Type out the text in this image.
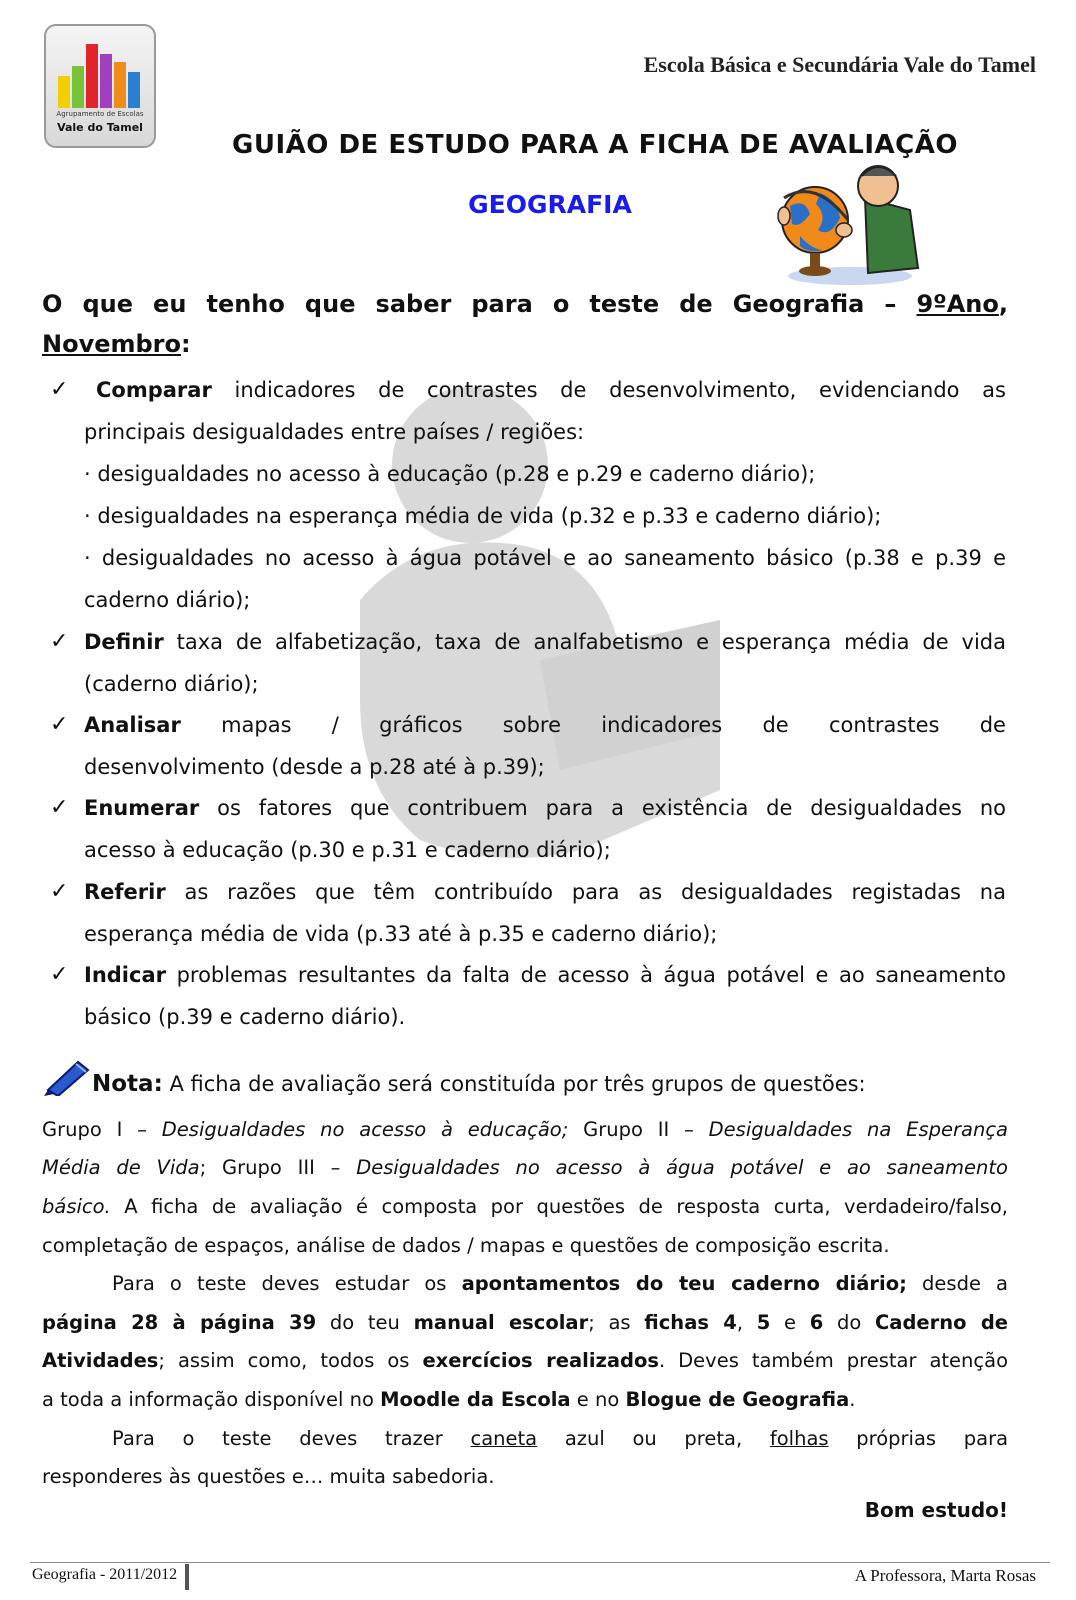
Agrupamento de Escolas
Vale do Tamel
Escola Básica e Secundária Vale do Tamel
GUIÃO DE ESTUDO PARA A FICHA DE AVALIAÇÃO
GEOGRAFIA
O que eu tenho que saber para o teste de Geografia – 9ºAno,
Novembro:
✓ Comparar indicadores de contrastes de desenvolvimento, evidenciando as
principais desigualdades entre países / regiões:
· desigualdades no acesso à educação (p.28 e p.29 e caderno diário);
· desigualdades na esperança média de vida (p.32 e p.33 e caderno diário);
· desigualdades no acesso à água potável e ao saneamento básico (p.38 e p.39 e
caderno diário);
✓ Definir taxa de alfabetização, taxa de analfabetismo e esperança média de vida
(caderno diário);
✓ Analisar mapas / gráficos sobre indicadores de contrastes de
desenvolvimento (desde a p.28 até à p.39);
✓ Enumerar os fatores que contribuem para a existência de desigualdades no
acesso à educação (p.30 e p.31 e caderno diário);
✓ Referir as razões que têm contribuído para as desigualdades registadas na
esperança média de vida (p.33 até à p.35 e caderno diário);
✓ Indicar problemas resultantes da falta de acesso à água potável e ao saneamento
básico (p.39 e caderno diário).
Nota: A ficha de avaliação será constituída por três grupos de questões:
Grupo I – Desigualdades no acesso à educação; Grupo II – Desigualdades na Esperança
Média de Vida; Grupo III – Desigualdades no acesso à água potável e ao saneamento
básico. A ficha de avaliação é composta por questões de resposta curta, verdadeiro/falso,
completação de espaços, análise de dados / mapas e questões de composição escrita.
Para o teste deves estudar os apontamentos do teu caderno diário; desde a
página 28 à página 39 do teu manual escolar; as fichas 4, 5 e 6 do Caderno de
Atividades; assim como, todos os exercícios realizados. Deves também prestar atenção
a toda a informação disponível no Moodle da Escola e no Blogue de Geografia.
Para o teste deves trazer caneta azul ou preta, folhas próprias para
responderes às questões e… muita sabedoria.
Bom estudo!
Geografia - 2011/2012	A Professora, Marta Rosas
